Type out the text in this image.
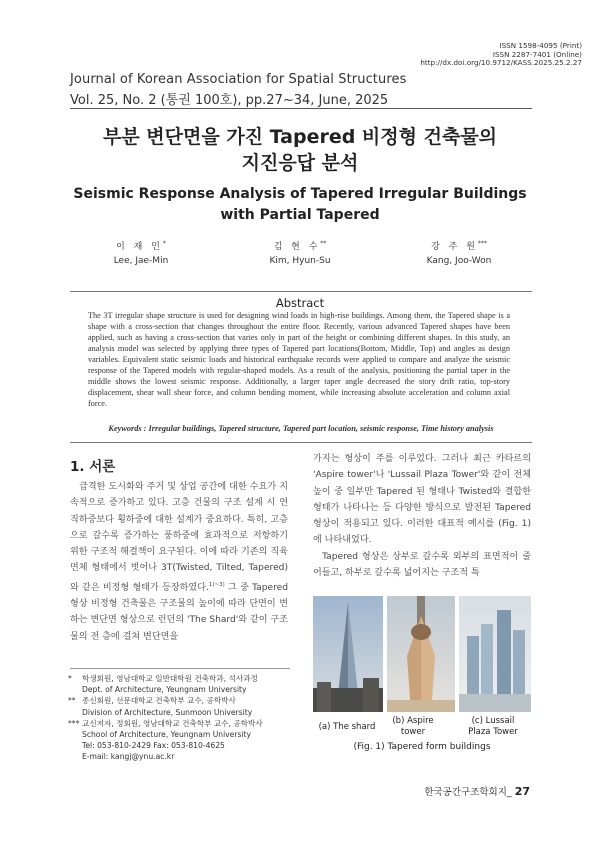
ISSN 1598-4095 (Print)
ISSN 2287-7401 (Online)
http://dx.doi.org/10.9712/KASS.2025.25.2.27
Journal of Korean Association for Spatial Structures
Vol. 25, No. 2 (통권 100호), pp.27~34, June, 2025
부분 변단면을 가진 Tapered 비정형 건축물의
지진응답 분석
Seismic Response Analysis of Tapered Irregular Buildings with Partial Tapered
이 재 민*
Lee, Jae-Min
김 현 수**
Kim, Hyun-Su
강 주 원***
Kang, Joo-Won
Abstract
The 3T irregular shape structure is used for designing wind loads in high-rise buildings. Among them, the Tapered shape is a shape with a cross-section that changes throughout the entire floor. Recently, various advanced Tapered shapes have been applied, such as having a cross-section that varies only in part of the height or combining different shapes. In this study, an analysis model was selected by applying three types of Tapered part locations(Bottom, Middle, Top) and angles as design variables. Equivalent static seismic loads and historical earthquake records were applied to compare and analyze the seismic response of the Tapered models with regular-shaped models. As a result of the analysis, positioning the partial taper in the middle shows the lowest seismic response. Additionally, a larger taper angle decreased the story drift ratio, top-story displacement, shear wall shear force, and column bending moment, while increasing absolute acceleration and column axial force.
Keywords : Irregular buildings, Tapered structure, Tapered part location, seismic response, Time history analysis
1. 서론

급격한 도시화와 주거 및 상업 공간에 대한 수요가 지속적으로 증가하고 있다. 고층 건물의 구조 설계 시 연직하중보다 횡하중에 대한 설계가 중요하다. 특히, 고층으로 갈수록 증가하는 풍하중에 효과적으로 저항하기 위한 구조적 해결책이 요구된다. 이에 따라 기존의 직육면체 형태에서 벗어나 3T(Twisted, Tilted, Tapered)와 같은 비정형 형태가 등장하였다.$^{1)\sim 3)}$ 그 중 Tapered 형상 비정형 건축물은 구조물의 높이에 따라 단면이 변하는 변단면 형상으로 런던의 'The Shard'와 같이 구조물의 전 층에 걸쳐 변단면을

가지는 형상이 주를 이루었다. 그러나 최근 카타르의 'Aspire tower'나 'Lussail Plaza Tower'와 같이 전체 높이 중 일부만 Tapered 된 형태나 Twisted와 결합한 형태가 나타나는 등 다양한 방식으로 발전된 Tapered 형상이 적용되고 있다. 이러한 대표적 예시를 (Fig. 1)에 나타내었다.

Tapered 형상은 상부로 갈수록 외부의 표면적이 줄어들고, 하부로 갈수록 넓어지는 구조적 특

*	학생회원, 영남대학교 일반대학원 건축학과, 석사과정
Dept. of Architecture, Yeungnam University
** 종신회원, 선문대학교 건축학부 교수, 공학박사
Division of Architecture, Sunmoon University
*** 교신저자, 정회원, 영남대학교 건축학부 교수, 공학박사
School of Architecture, Yeungnam University
Tel: 053-810-2429 Fax: 053-810-4625
E-mail: kangj@ynu.ac.kr
(a) The shard
(b) Aspire tower
(c) Lussail Plaza Tower
(Fig. 1) Tapered form buildings
한국공간구조학회지_ 27
